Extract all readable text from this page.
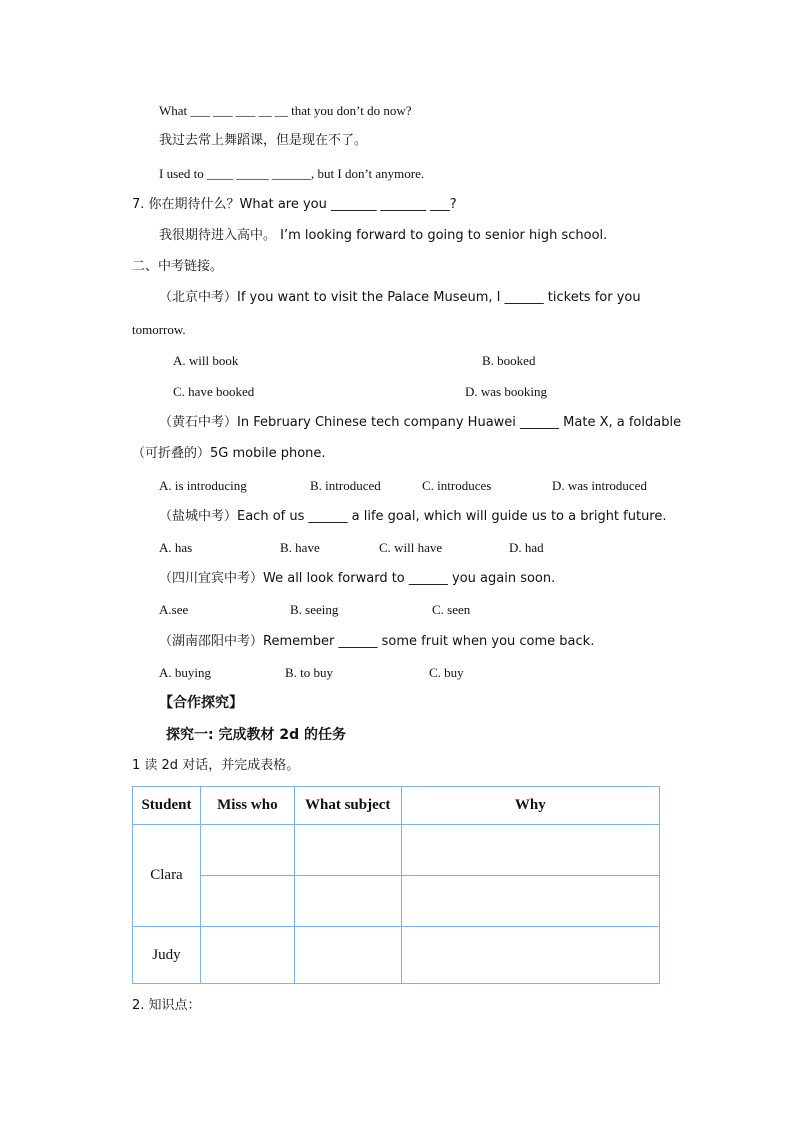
What ___ ___ ___ __ __ that you don’t do now?
我过去常上舞蹈课，但是现在不了。
I used to ____ _____ ______, but I don’t anymore.
7. 你在期待什么？What are you _______ _______ ___?
我很期待进入高中。 I’m looking forward to going to senior high school.
二、中考链接。
（北京中考）If you want to visit the Palace Museum, I ______ tickets for you
tomorrow.
A. will book	B. booked
C. have booked	D. was booking
（黄石中考）In February Chinese tech company Huawei ______ Mate X, a foldable
（可折叠的）5G mobile phone.
A. is introducing	B. introduced	C. introduces	D. was introduced
（盐城中考）Each of us ______ a life goal, which will guide us to a bright future.
A. has	B. have	C. will have	D. had
（四川宜宾中考）We all look forward to ______ you again soon.
A.see	B. seeing	C. seen
（湖南邵阳中考）Remember ______ some fruit when you come back.
A. buying	B. to buy	C. buy
【合作探究】
探究一: 完成教材 2d 的任务
1 读 2d 对话，并完成表格。
Student	Miss who	What subject	Why
Clara			

Judy			
2. 知识点：
